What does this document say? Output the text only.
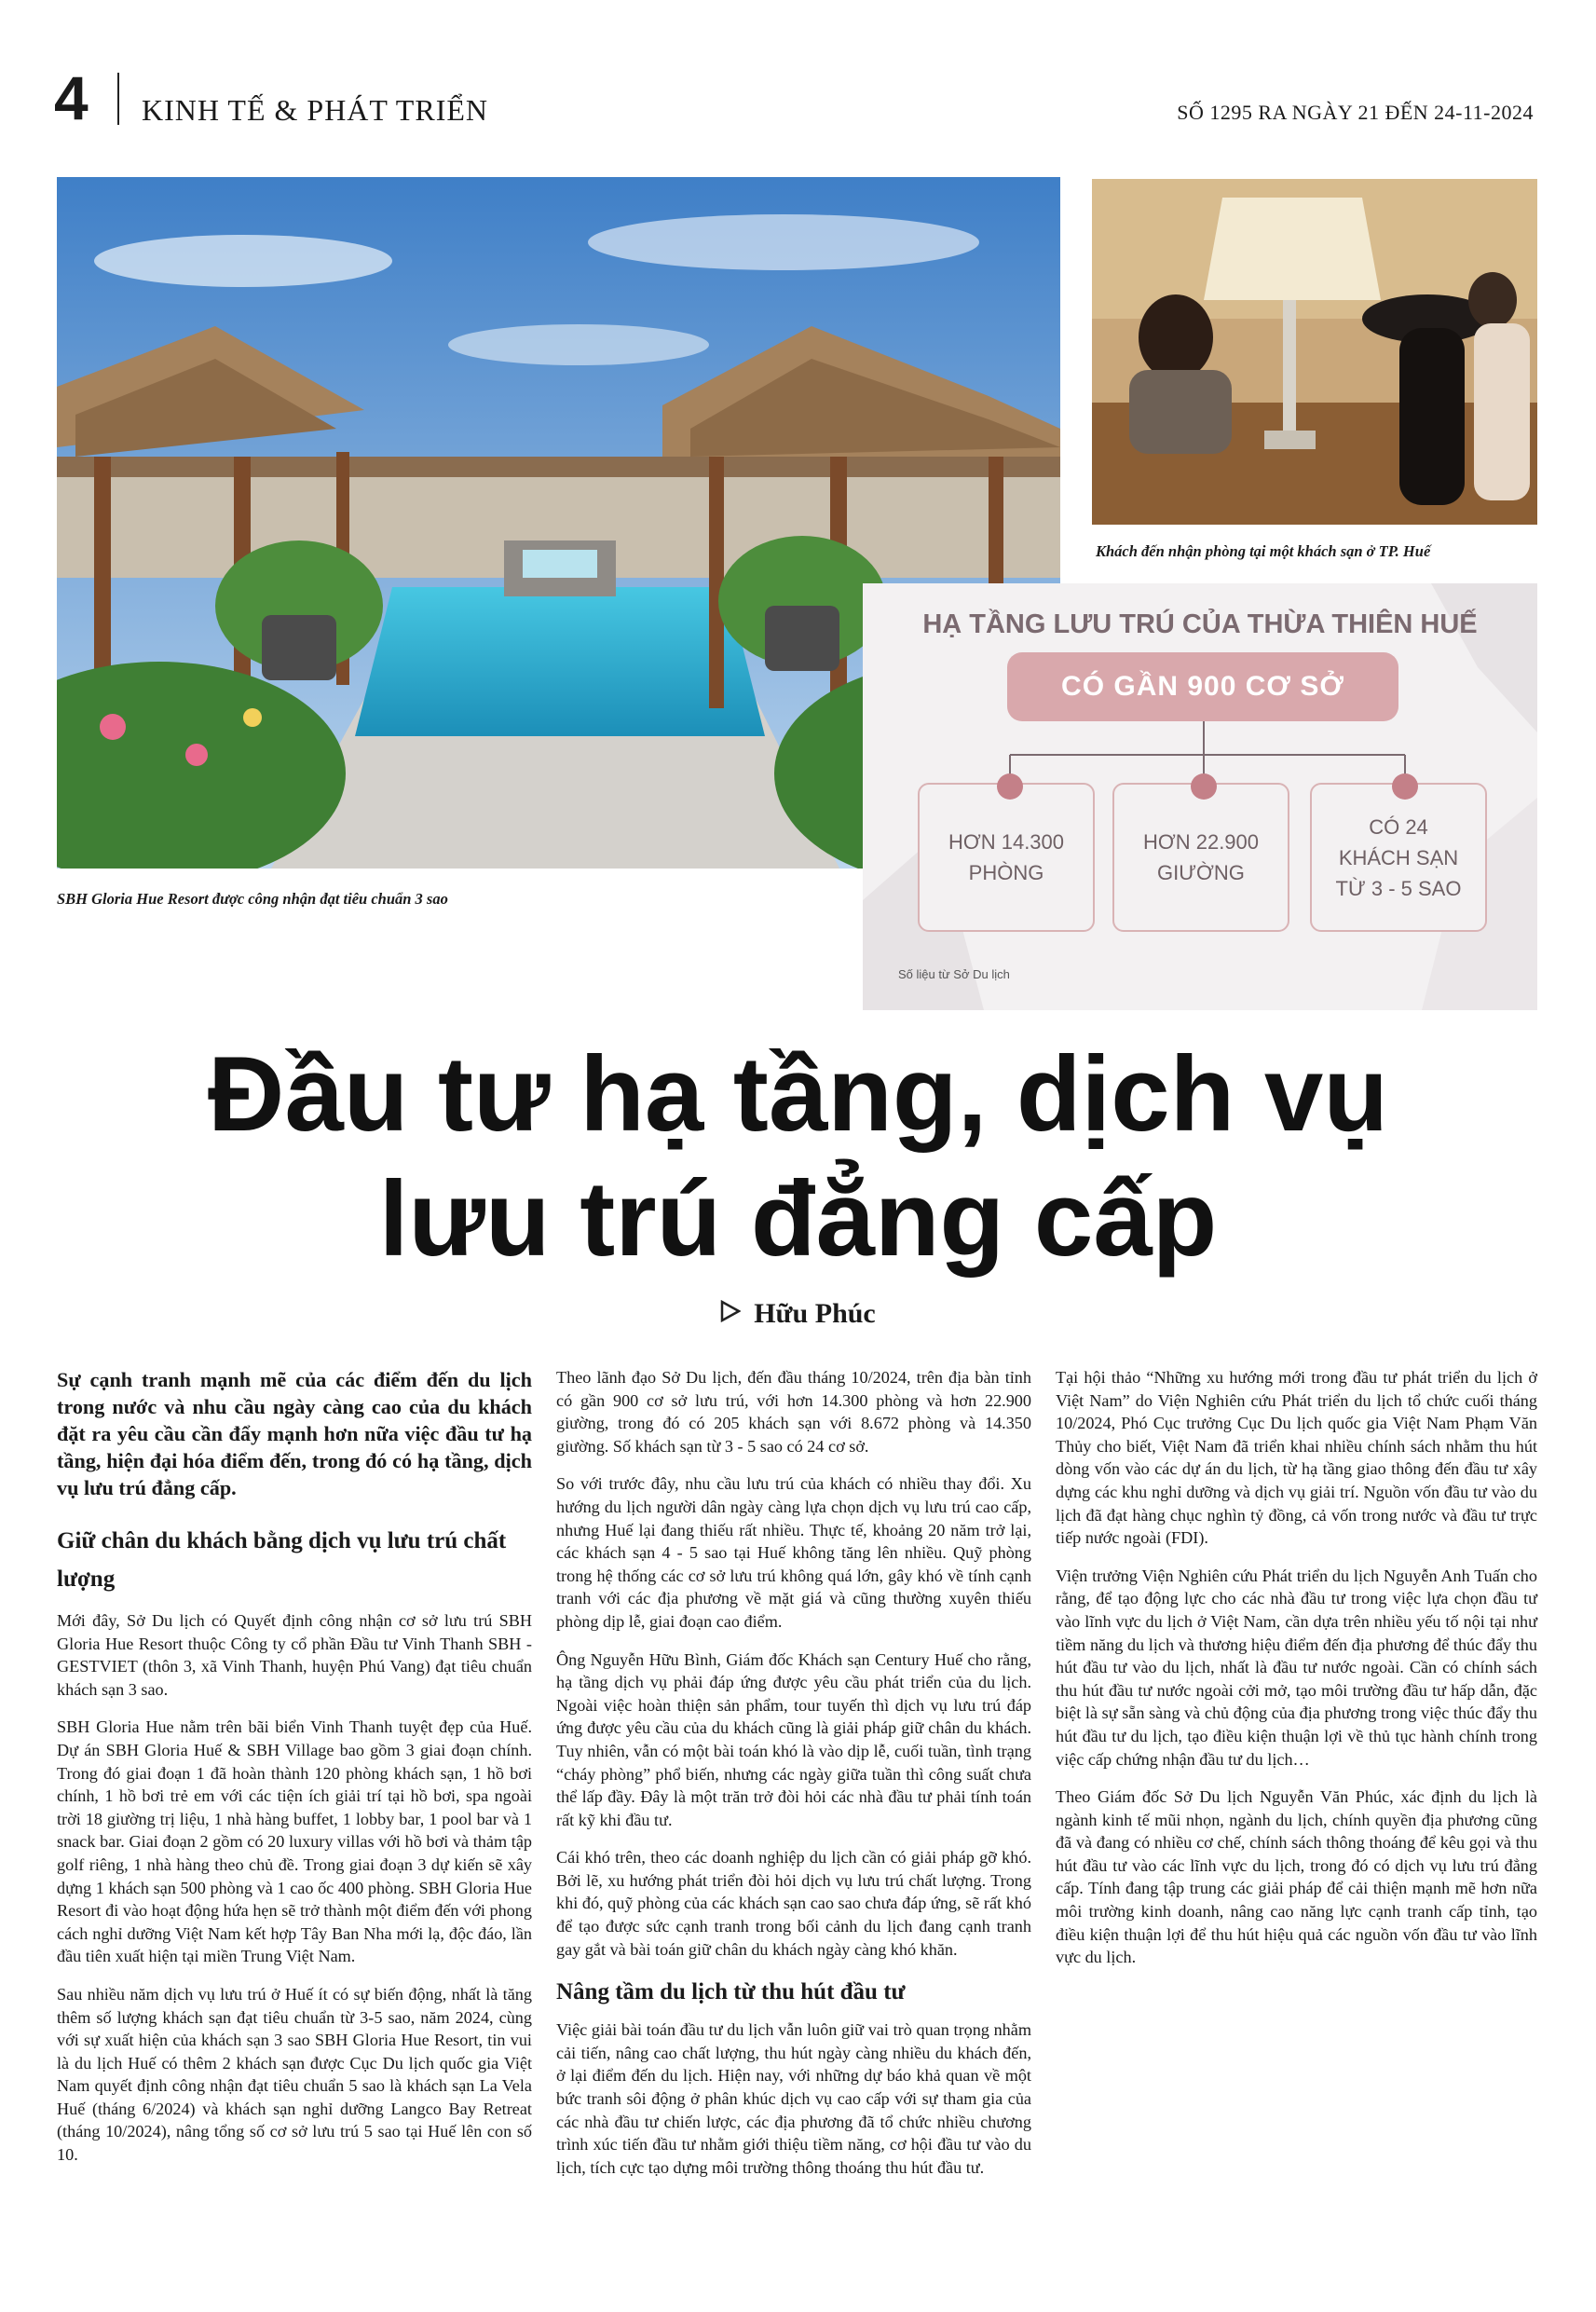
4 KINH TẾ & PHÁT TRIỂN	SỐ 1295 RA NGÀY 21 ĐẾN 24-11-2024
SBH Gloria Hue Resort được công nhận đạt tiêu chuẩn 3 sao
Khách đến nhận phòng tại một khách sạn ở TP. Huế
HẠ TẦNG LƯU TRÚ CỦA THỪA THIÊN HUẾ
CÓ GẦN 900 CƠ SỞ
HƠN 14.300
PHÒNG
HƠN 22.900
GIƯỜNG
CÓ 24
KHÁCH SẠN
TỪ 3 - 5 SAO
Số liệu từ Sở Du lịch
Đầu tư hạ tầng, dịch vụ
lưu trú đẳng cấp
Hữu Phúc

Sự cạnh tranh mạnh mẽ của các điểm đến du lịch trong nước và nhu cầu ngày càng cao của du khách đặt ra yêu cầu cần đẩy mạnh hơn nữa việc đầu tư hạ tầng, hiện đại hóa điểm đến, trong đó có hạ tầng, dịch vụ lưu trú đẳng cấp.

Giữ chân du khách bằng dịch vụ lưu trú chất lượng

Mới đây, Sở Du lịch có Quyết định công nhận cơ sở lưu trú SBH Gloria Hue Resort thuộc Công ty cổ phần Đầu tư Vinh Thanh SBH - GESTVIET (thôn 3, xã Vinh Thanh, huyện Phú Vang) đạt tiêu chuẩn khách sạn 3 sao.

SBH Gloria Hue nằm trên bãi biển Vinh Thanh tuyệt đẹp của Huế. Dự án SBH Gloria Huế & SBH Village bao gồm 3 giai đoạn chính. Trong đó giai đoạn 1 đã hoàn thành 120 phòng khách sạn, 1 hồ bơi chính, 1 hồ bơi trẻ em với các tiện ích giải trí tại hồ bơi, spa ngoài trời 18 giường trị liệu, 1 nhà hàng buffet, 1 lobby bar, 1 pool bar và 1 snack bar. Giai đoạn 2 gồm có 20 luxury villas với hồ bơi và thảm tập golf riêng, 1 nhà hàng theo chủ đề. Trong giai đoạn 3 dự kiến sẽ xây dựng 1 khách sạn 500 phòng và 1 cao ốc 400 phòng. SBH Gloria Hue Resort đi vào hoạt động hứa hẹn sẽ trở thành một điểm đến với phong cách nghỉ dưỡng Việt Nam kết hợp Tây Ban Nha mới lạ, độc đáo, lần đầu tiên xuất hiện tại miền Trung Việt Nam.

Sau nhiều năm dịch vụ lưu trú ở Huế ít có sự biến động, nhất là tăng thêm số lượng khách sạn đạt tiêu chuẩn từ 3-5 sao, năm 2024, cùng với sự xuất hiện của khách sạn 3 sao SBH Gloria Hue Resort, tin vui là du lịch Huế có thêm 2 khách sạn được Cục Du lịch quốc gia Việt Nam quyết định công nhận đạt tiêu chuẩn 5 sao là khách sạn La Vela Huế (tháng 6/2024) và khách sạn nghỉ dưỡng Langco Bay Retreat (tháng 10/2024), nâng tổng số cơ sở lưu trú 5 sao tại Huế lên con số 10.

Theo lãnh đạo Sở Du lịch, đến đầu tháng 10/2024, trên địa bàn tỉnh có gần 900 cơ sở lưu trú, với hơn 14.300 phòng và hơn 22.900 giường, trong đó có 205 khách sạn với 8.672 phòng và 14.350 giường. Số khách sạn từ 3 - 5 sao có 24 cơ sở.

So với trước đây, nhu cầu lưu trú của khách có nhiều thay đổi. Xu hướng du lịch người dân ngày càng lựa chọn dịch vụ lưu trú cao cấp, nhưng Huế lại đang thiếu rất nhiều. Thực tế, khoảng 20 năm trở lại, các khách sạn 4 - 5 sao tại Huế không tăng lên nhiều. Quỹ phòng trong hệ thống các cơ sở lưu trú không quá lớn, gây khó về tính cạnh tranh với các địa phương về mặt giá và cũng thường xuyên thiếu phòng dịp lễ, giai đoạn cao điểm.

Ông Nguyễn Hữu Bình, Giám đốc Khách sạn Century Huế cho rằng, hạ tầng dịch vụ phải đáp ứng được yêu cầu phát triển của du lịch. Ngoài việc hoàn thiện sản phẩm, tour tuyến thì dịch vụ lưu trú đáp ứng được yêu cầu của du khách cũng là giải pháp giữ chân du khách. Tuy nhiên, vẫn có một bài toán khó là vào dịp lễ, cuối tuần, tình trạng “cháy phòng” phổ biến, nhưng các ngày giữa tuần thì công suất chưa thể lấp đầy. Đây là một trăn trở đòi hỏi các nhà đầu tư phải tính toán rất kỹ khi đầu tư.

Cái khó trên, theo các doanh nghiệp du lịch cần có giải pháp gỡ khó. Bởi lẽ, xu hướng phát triển đòi hỏi dịch vụ lưu trú chất lượng. Trong khi đó, quỹ phòng của các khách sạn cao sao chưa đáp ứng, sẽ rất khó để tạo được sức cạnh tranh trong bối cảnh du lịch đang cạnh tranh gay gắt và bài toán giữ chân du khách ngày càng khó khăn.

Nâng tầm du lịch từ thu hút đầu tư

Việc giải bài toán đầu tư du lịch vẫn luôn giữ vai trò quan trọng nhằm cải tiến, nâng cao chất lượng, thu hút ngày càng nhiều du khách đến, ở lại điểm đến du lịch. Hiện nay, với những dự báo khả quan về một bức tranh sôi động ở phân khúc dịch vụ cao cấp với sự tham gia của các nhà đầu tư chiến lược, các địa phương đã tổ chức nhiều chương trình xúc tiến đầu tư nhằm giới thiệu tiềm năng, cơ hội đầu tư vào du lịch, tích cực tạo dựng môi trường thông thoáng thu hút đầu tư.

Tại hội thảo “Những xu hướng mới trong đầu tư phát triển du lịch ở Việt Nam” do Viện Nghiên cứu Phát triển du lịch tổ chức cuối tháng 10/2024, Phó Cục trưởng Cục Du lịch quốc gia Việt Nam Phạm Văn Thủy cho biết, Việt Nam đã triển khai nhiều chính sách nhằm thu hút dòng vốn vào các dự án du lịch, từ hạ tầng giao thông đến đầu tư xây dựng các khu nghỉ dưỡng và dịch vụ giải trí. Nguồn vốn đầu tư vào du lịch đã đạt hàng chục nghìn tỷ đồng, cả vốn trong nước và đầu tư trực tiếp nước ngoài (FDI).

Viện trưởng Viện Nghiên cứu Phát triển du lịch Nguyễn Anh Tuấn cho rằng, để tạo động lực cho các nhà đầu tư trong việc lựa chọn đầu tư vào lĩnh vực du lịch ở Việt Nam, cần dựa trên nhiều yếu tố nội tại như tiềm năng du lịch và thương hiệu điểm đến địa phương để thúc đẩy thu hút đầu tư vào du lịch, nhất là đầu tư nước ngoài. Cần có chính sách thu hút đầu tư nước ngoài cởi mở, tạo môi trường đầu tư hấp dẫn, đặc biệt là sự sẵn sàng và chủ động của địa phương trong việc thúc đẩy thu hút đầu tư du lịch, tạo điều kiện thuận lợi về thủ tục hành chính trong việc cấp chứng nhận đầu tư du lịch…

Theo Giám đốc Sở Du lịch Nguyễn Văn Phúc, xác định du lịch là ngành kinh tế mũi nhọn, ngành du lịch, chính quyền địa phương cũng đã và đang có nhiều cơ chế, chính sách thông thoáng để kêu gọi và thu hút đầu tư vào các lĩnh vực du lịch, trong đó có dịch vụ lưu trú đẳng cấp. Tính đang tập trung các giải pháp để cải thiện mạnh mẽ hơn nữa môi trường kinh doanh, nâng cao năng lực cạnh tranh cấp tỉnh, tạo điều kiện thuận lợi để thu hút hiệu quả các nguồn vốn đầu tư vào lĩnh vực du lịch.
